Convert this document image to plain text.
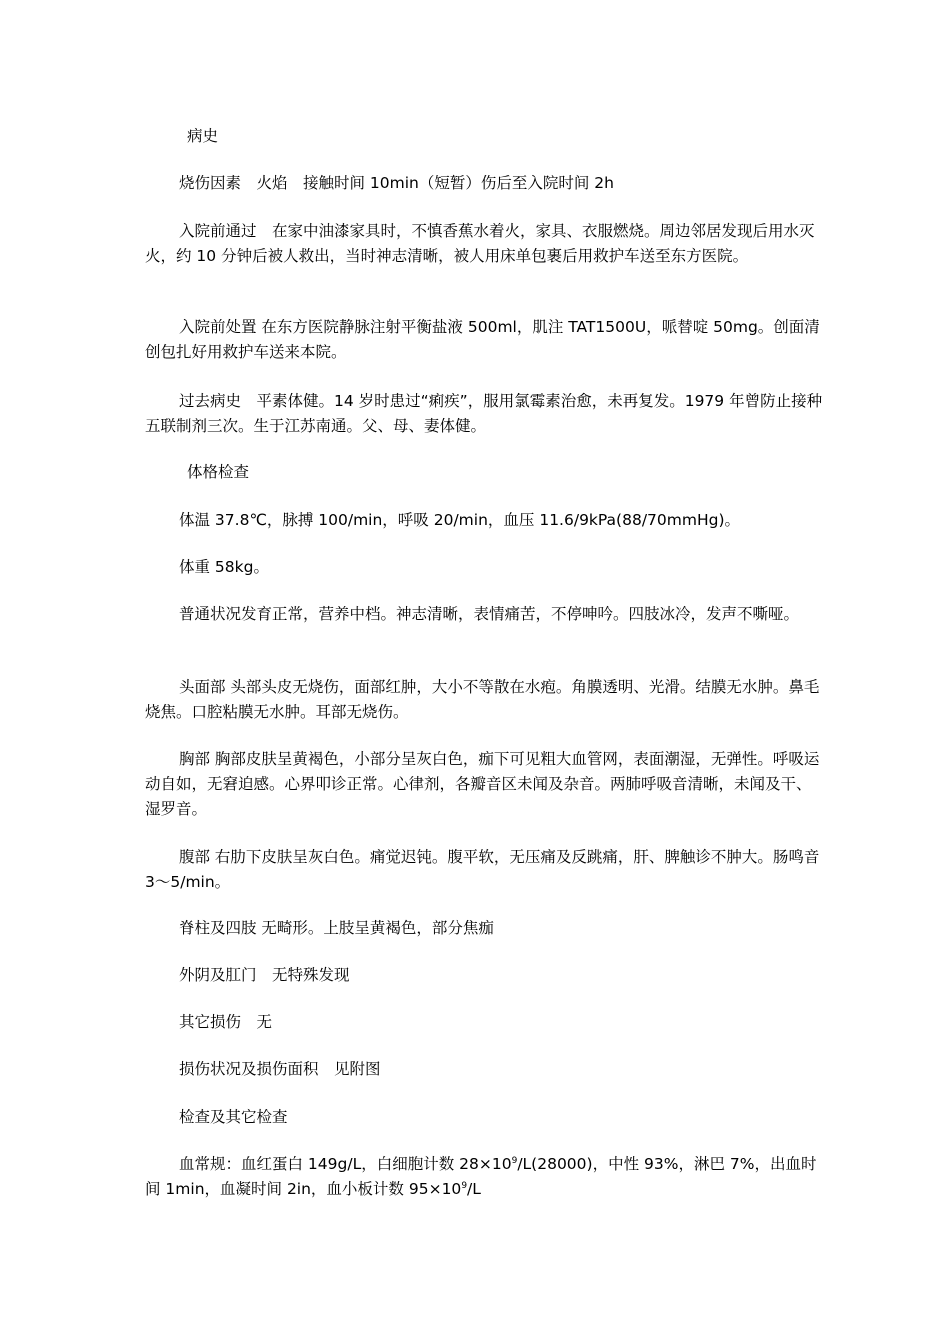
病史

烧伤因素　火焰　接触时间 10min（短暂）伤后至入院时间 2h

入院前通过　在家中油漆家具时，不慎香蕉水着火，家具、衣服燃烧。周边邻居发现后用水灭火，约 10 分钟后被人救出，当时神志清晰，被人用床单包裹后用救护车送至东方医院。

入院前处置 在东方医院静脉注射平衡盐液 500ml，肌注 TAT1500U，哌替啶 50mg。创面清创包扎好用救护车送来本院。

过去病史　平素体健。14 岁时患过“痢疾”，服用氯霉素治愈，未再复发。1979 年曾防止接种五联制剂三次。生于江苏南通。父、母、妻体健。

体格检查

体温 37.8℃，脉搏 100/min，呼吸 20/min，血压 11.6/9kPa(88/70mmHg)。

体重 58kg。

普通状况发育正常，营养中档。神志清晰，表情痛苦，不停呻吟。四肢冰冷，发声不嘶哑。

头面部 头部头皮无烧伤，面部红肿，大小不等散在水疱。角膜透明、光滑。结膜无水肿。鼻毛烧焦。口腔粘膜无水肿。耳部无烧伤。

胸部 胸部皮肤呈黄褐色，小部分呈灰白色，痂下可见粗大血管网，表面潮湿，无弹性。呼吸运动自如，无窘迫感。心界叩诊正常。心律剂，各瓣音区未闻及杂音。两肺呼吸音清晰，未闻及干、湿罗音。

腹部 右肋下皮肤呈灰白色。痛觉迟钝。腹平软，无压痛及反跳痛，肝、脾触诊不肿大。肠鸣音 3～5/min。

脊柱及四肢 无畸形。上肢呈黄褐色，部分焦痂

外阴及肛门　无特殊发现

其它损伤　无

损伤状况及损伤面积　见附图

检查及其它检查

血常规：血红蛋白 149g/L，白细胞计数 $28\times 10^9/L(28000)$，中性 93%，淋巴 7%，出血时间 1min，血凝时间 2in，血小板计数 $95\times 10^9/L$
